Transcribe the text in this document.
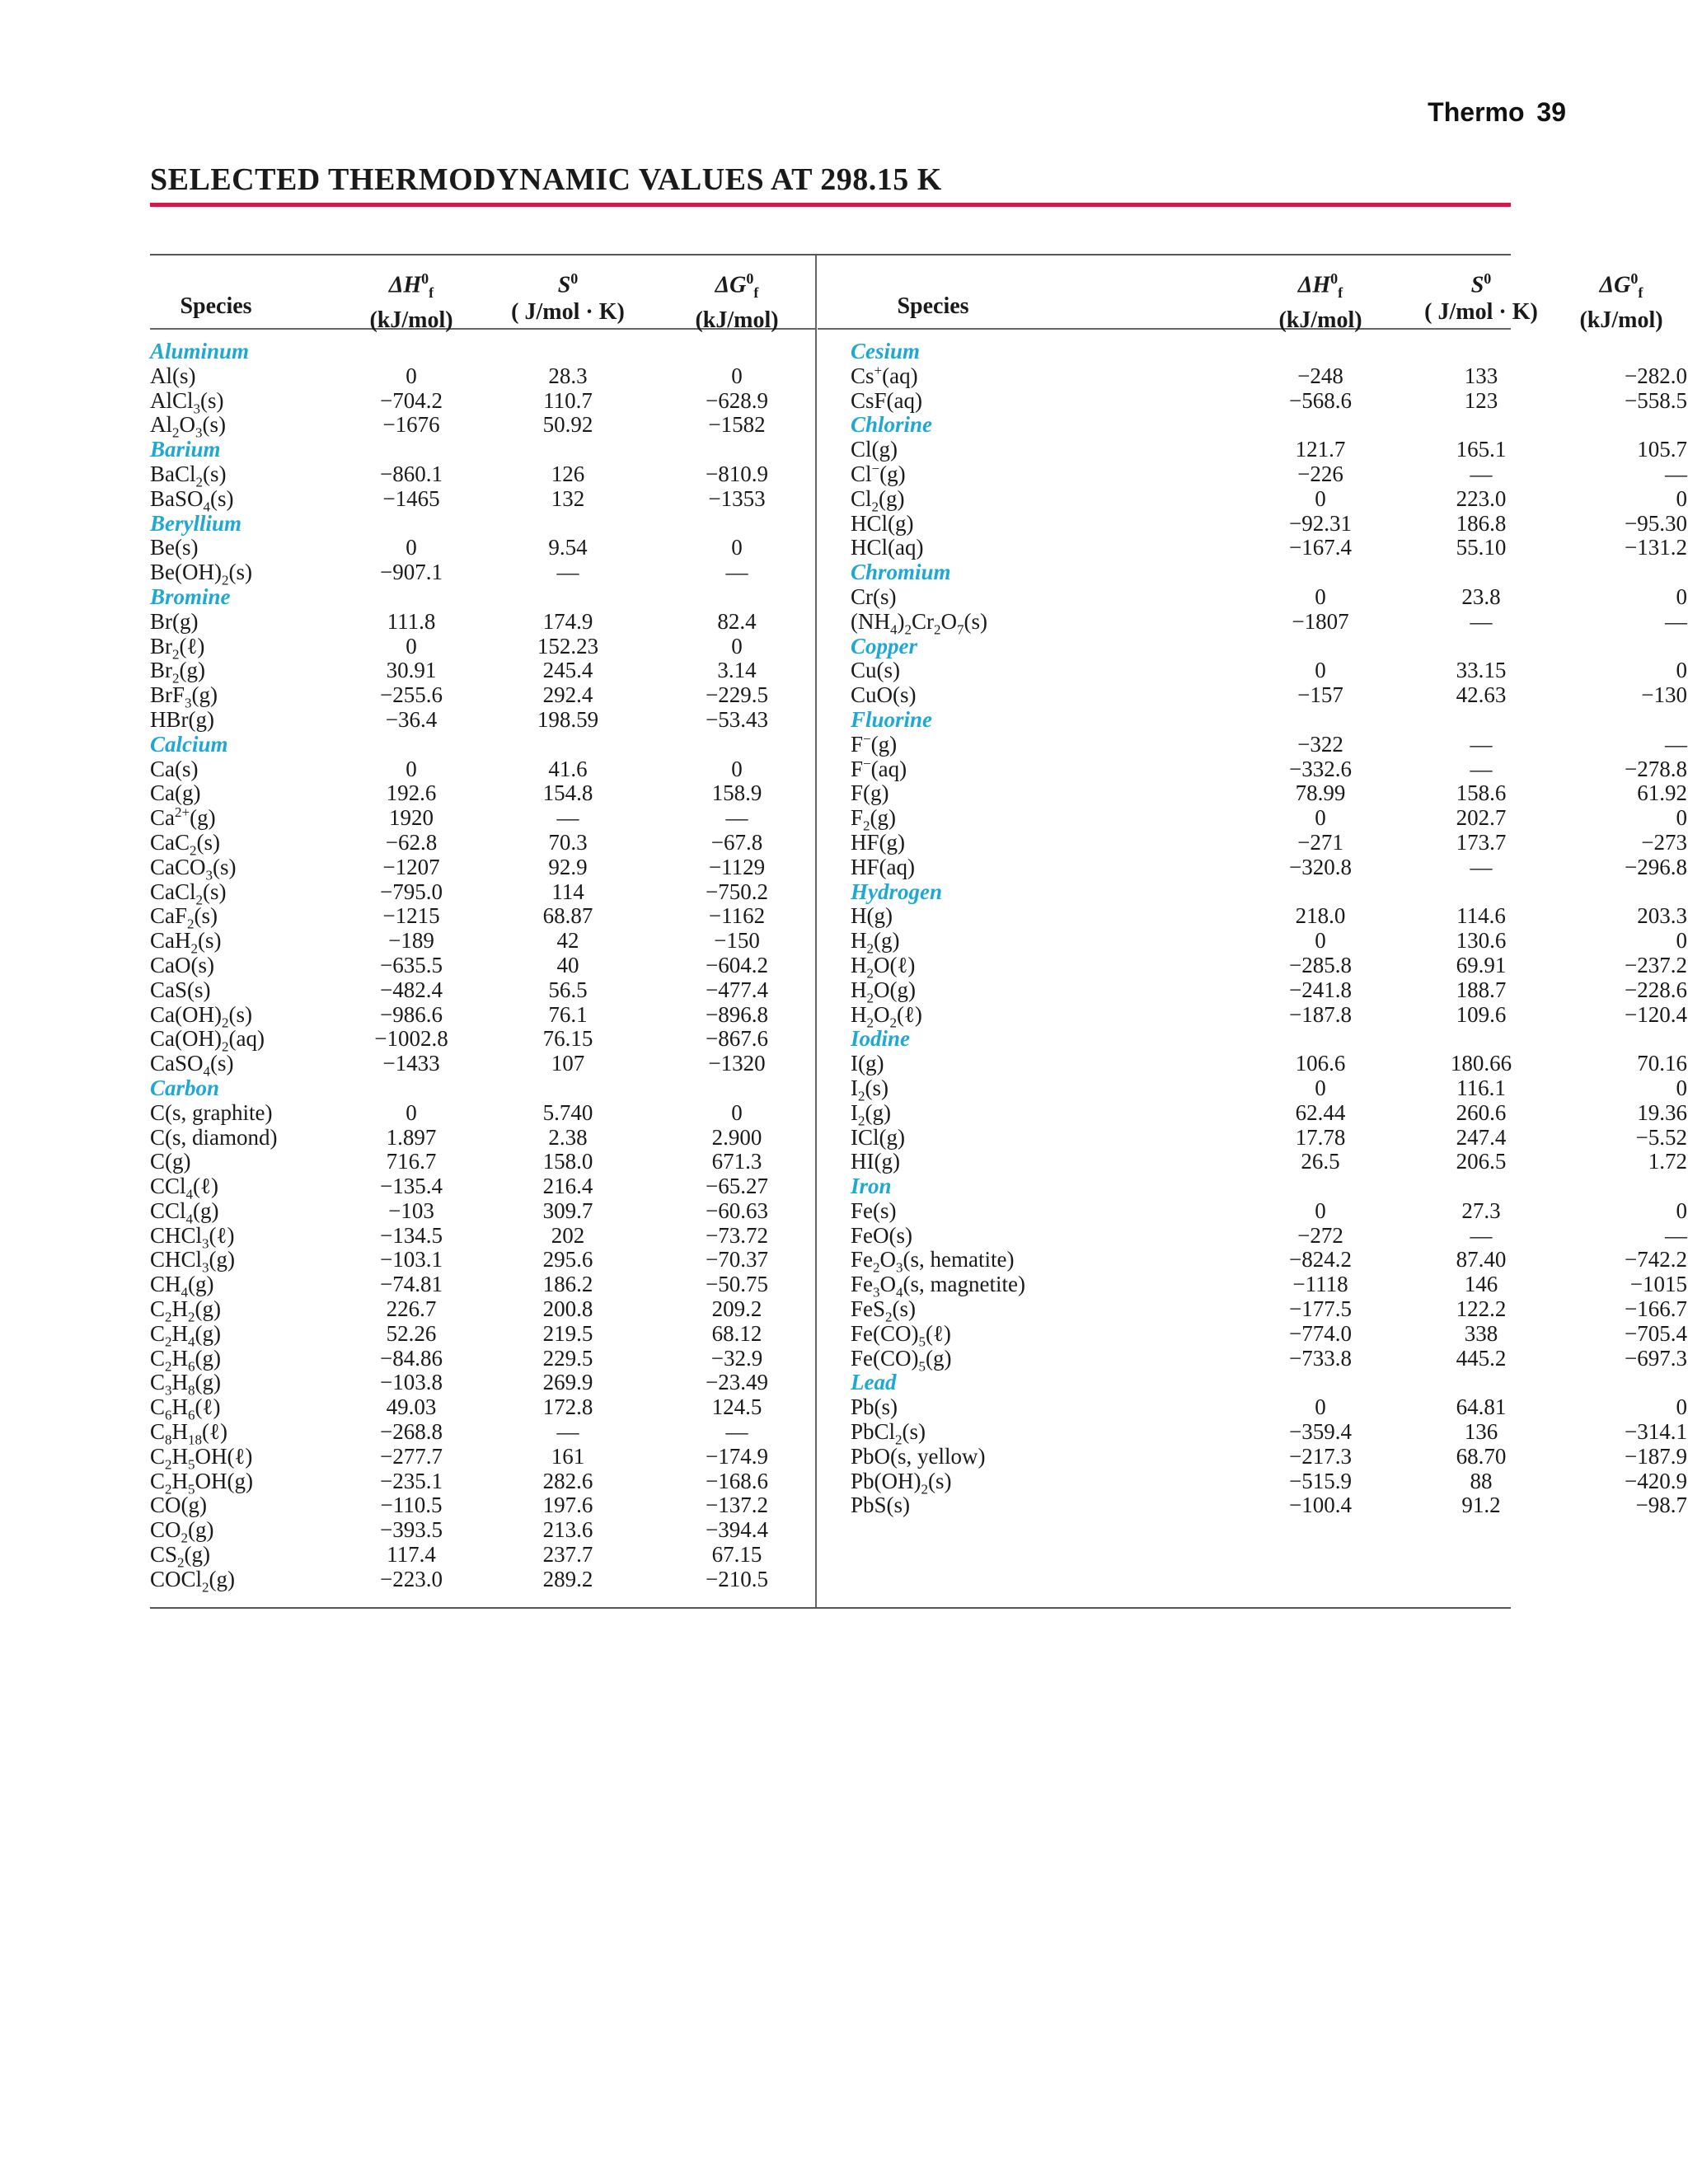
Thermo 39
SELECTED THERMODYNAMIC VALUES AT 298.15 K
Species
$\Delta H^0_f$
(kJ/mol)
$S^0$
( J/mol · K)
$\Delta G^0_f$
(kJ/mol)
Aluminum
Al(s)	0	28.3	0
AlCl$_3$(s)	−704.2	110.7	−628.9
$Al_2O_3(s)$	−1676	50.92	−1582
Barium
BaCl$_2$(s)	−860.1	126	−810.9
BaSO$_4$(s)	−1465	132	−1353
Beryllium
Be(s)	0	9.54	0
$Be(OH)_2(s)$	−907.1	—	—
Bromine
Br(g)	111.8	174.9	82.4
$Br_2(\ell)$	0	152.23	0
$Br_2(g)$	30.91	245.4	3.14
BrF$_3$(g)	−255.6	292.4	−229.5
HBr(g)	−36.4	198.59	−53.43
Calcium
Ca(s)	0	41.6	0
Ca(g)	192.6	154.8	158.9
$Ca^{2+}(g)$	1920	—	—
CaC$_2$(s)	−62.8	70.3	−67.8
CaCO$_3$(s)	−1207	92.9	−1129
CaCl$_2$(s)	−795.0	114	−750.2
CaF$_2$(s)	−1215	68.87	−1162
CaH$_2$(s)	−189	42	−150
CaO(s)	−635.5	40	−604.2
CaS(s)	−482.4	56.5	−477.4
$Ca(OH)_2(s)$	−986.6	76.1	−896.8
$Ca(OH)_2(aq)$	−1002.8	76.15	−867.6
CaSO$_4$(s)	−1433	107	−1320
Carbon
C(s, graphite)	0	5.740	0
C(s, diamond)	1.897	2.38	2.900
C(g)	716.7	158.0	671.3
CCl$_4$(ℓ)	−135.4	216.4	−65.27
CCl$_4$(g)	−103	309.7	−60.63
CHCl$_3$(ℓ)	−134.5	202	−73.72
CHCl$_3$(g)	−103.1	295.6	−70.37
$CH_4(g)$	−74.81	186.2	−50.75
$C_2H_2(g)$	226.7	200.8	209.2
$C_2H_4(g)$	52.26	219.5	68.12
$C_2H_6(g)$	−84.86	229.5	−32.9
$C_3H_8(g)$	−103.8	269.9	−23.49
$C_6H_6(\ell)$	49.03	172.8	124.5
$C_8H_{18}(\ell)$	−268.8	—	—
$C_2H_5OH(\ell)$	−277.7	161	−174.9
$C_2H_5OH(g)$	−235.1	282.6	−168.6
CO(g)	−110.5	197.6	−137.2
$CO_2(g)$	−393.5	213.6	−394.4
$CS_2(g)$	117.4	237.7	67.15
COCl$_2$(g)	−223.0	289.2	−210.5
Species
$\Delta H^0_f$
(kJ/mol)
$S^0$
( J/mol · K)
$\Delta G^0_f$
(kJ/mol)
Cesium
Cs+(aq)	−248	133	−282.0
CsF(aq)	−568.6	123	−558.5
Chlorine
Cl(g)	121.7	165.1	105.7
Cl−(g)	−226	—	—
$Cl_2(g)$	0	223.0	0
HCl(g)	−92.31	186.8	−95.30
HCl(aq)	−167.4	55.10	−131.2
Chromium
Cr(s)	0	23.8	0
$(NH_4)_2Cr_2O_7(s)$	−1807	—	—
Copper
Cu(s)	0	33.15	0
CuO(s)	−157	42.63	−130
Fluorine
F−(g)	−322	—	—
F−(aq)	−332.6	—	−278.8
F(g)	78.99	158.6	61.92
$F_2(g)$	0	202.7	0
HF(g)	−271	173.7	−273
HF(aq)	−320.8	—	−296.8
Hydrogen
H(g)	218.0	114.6	203.3
$H_2(g)$	0	130.6	0
$H_2O(\ell)$	−285.8	69.91	−237.2
$H_2O(g)$	−241.8	188.7	−228.6
$H_2O_2(\ell)$	−187.8	109.6	−120.4
Iodine
I(g)	106.6	180.66	70.16
$I_2(s)$	0	116.1	0
$I_2(g)$	62.44	260.6	19.36
ICl(g)	17.78	247.4	−5.52
HI(g)	26.5	206.5	1.72
Iron
Fe(s)	0	27.3	0
FeO(s)	−272	—	—
$Fe_2O_3(s$, hematite)	−824.2	87.40	−742.2
$Fe_3O_4(s$, magnetite)	−1118	146	−1015
FeS$_2$(s)	−177.5	122.2	−166.7
$Fe(CO)_5(\ell)$	−774.0	338	−705.4
$Fe(CO)_5(g)$	−733.8	445.2	−697.3
Lead
Pb(s)	0	64.81	0
PbCl$_2$(s)	−359.4	136	−314.1
PbO(s, yellow)	−217.3	68.70	−187.9
$Pb(OH)_2(s)$	−515.9	88	−420.9
PbS(s)	−100.4	91.2	−98.7
